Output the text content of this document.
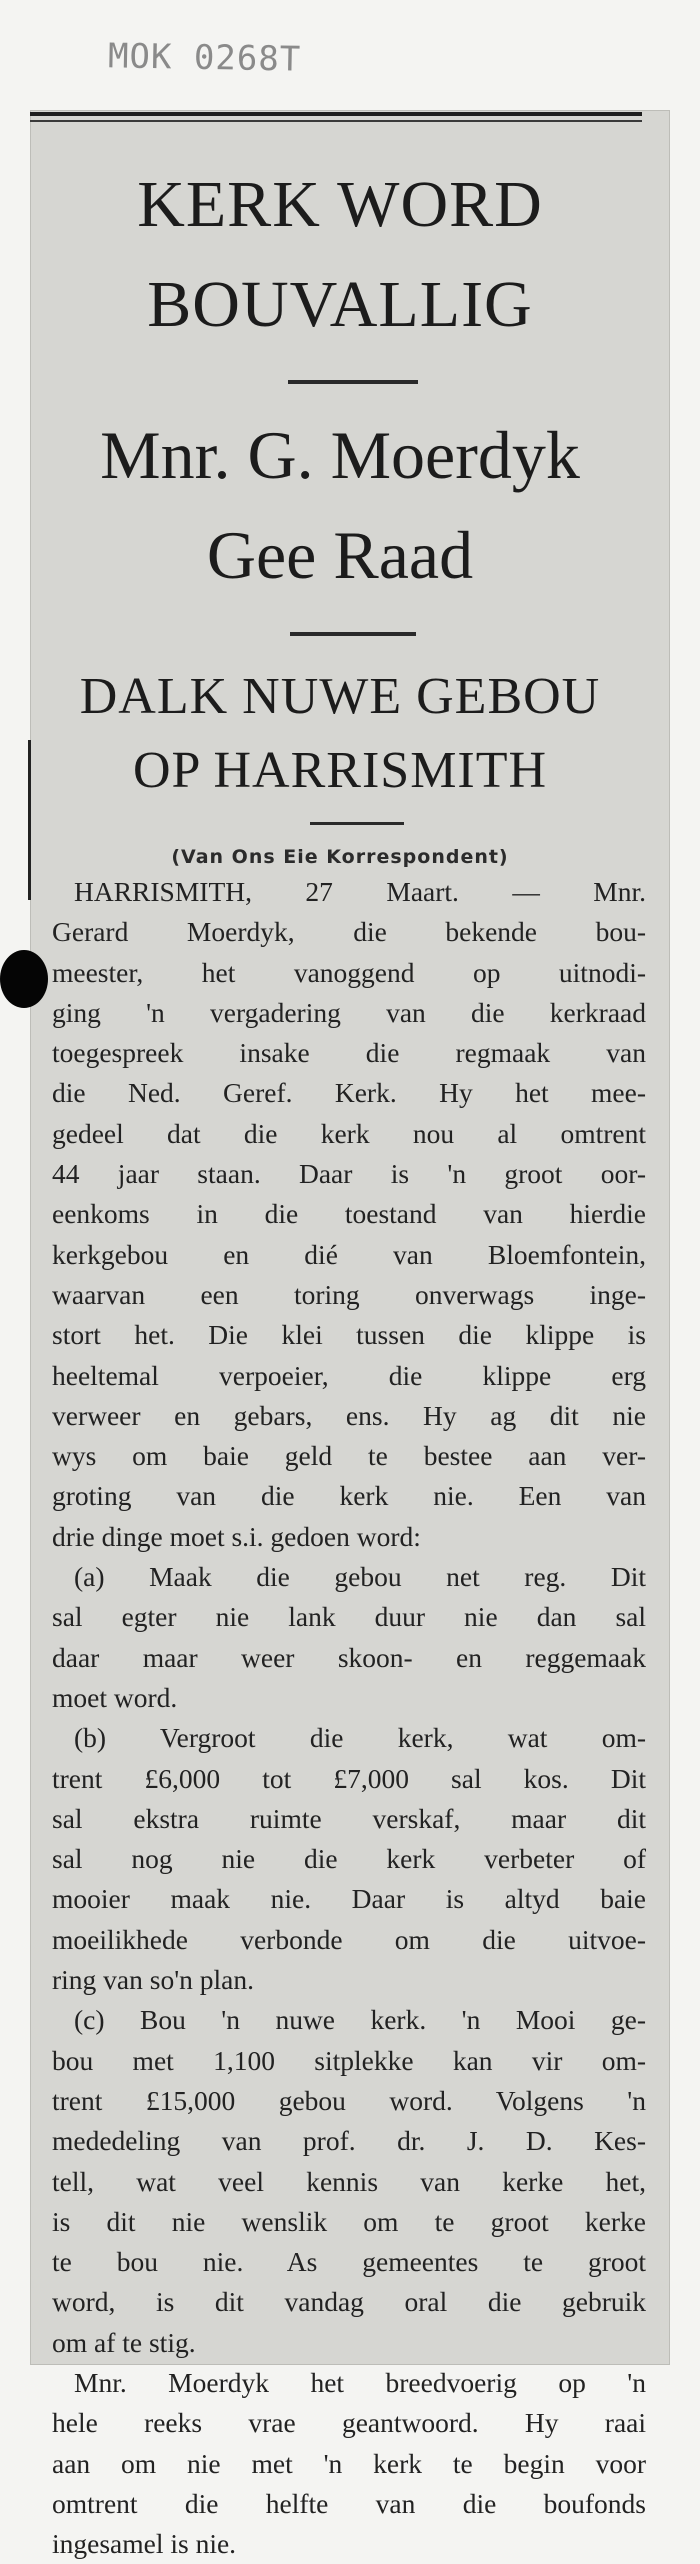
MOK 0268T
KERK WORD
BOUVALLIG
Mnr. G. Moerdyk
Gee Raad
DALK NUWE GEBOU
OP HARRISMITH
(Van Ons Eie Korrespondent)
HARRISMITH, 27 Maart. — Mnr.
Gerard Moerdyk, die bekende bou-
meester, het vanoggend op uitnodi-
ging 'n vergadering van die kerkraad
toegespreek insake die regmaak van
die Ned. Geref. Kerk. Hy het mee-
gedeel dat die kerk nou al omtrent
44 jaar staan. Daar is 'n groot oor-
eenkoms in die toestand van hierdie
kerkgebou en dié van Bloemfontein,
waarvan een toring onverwags inge-
stort het. Die klei tussen die klippe is
heeltemal verpoeier, die klippe erg
verweer en gebars, ens. Hy ag dit nie
wys om baie geld te bestee aan ver-
groting van die kerk nie. Een van
drie dinge moet s.i. gedoen word:
(a) Maak die gebou net reg. Dit
sal egter nie lank duur nie dan sal
daar maar weer skoon- en reggemaak
moet word.
(b) Vergroot die kerk, wat om-
trent £6,000 tot £7,000 sal kos. Dit
sal ekstra ruimte verskaf, maar dit
sal nog nie die kerk verbeter of
mooier maak nie. Daar is altyd baie
moeilikhede verbonde om die uitvoe-
ring van so'n plan.
(c) Bou 'n nuwe kerk. 'n Mooi ge-
bou met 1,100 sitplekke kan vir om-
trent £15,000 gebou word. Volgens 'n
mededeling van prof. dr. J. D. Kes-
tell, wat veel kennis van kerke het,
is dit nie wenslik om te groot kerke
te bou nie. As gemeentes te groot
word, is dit vandag oral die gebruik
om af te stig.
Mnr. Moerdyk het breedvoerig op 'n
hele reeks vrae geantwoord. Hy raai
aan om nie met 'n kerk te begin voor
omtrent die helfte van die boufonds
ingesamel is nie.
